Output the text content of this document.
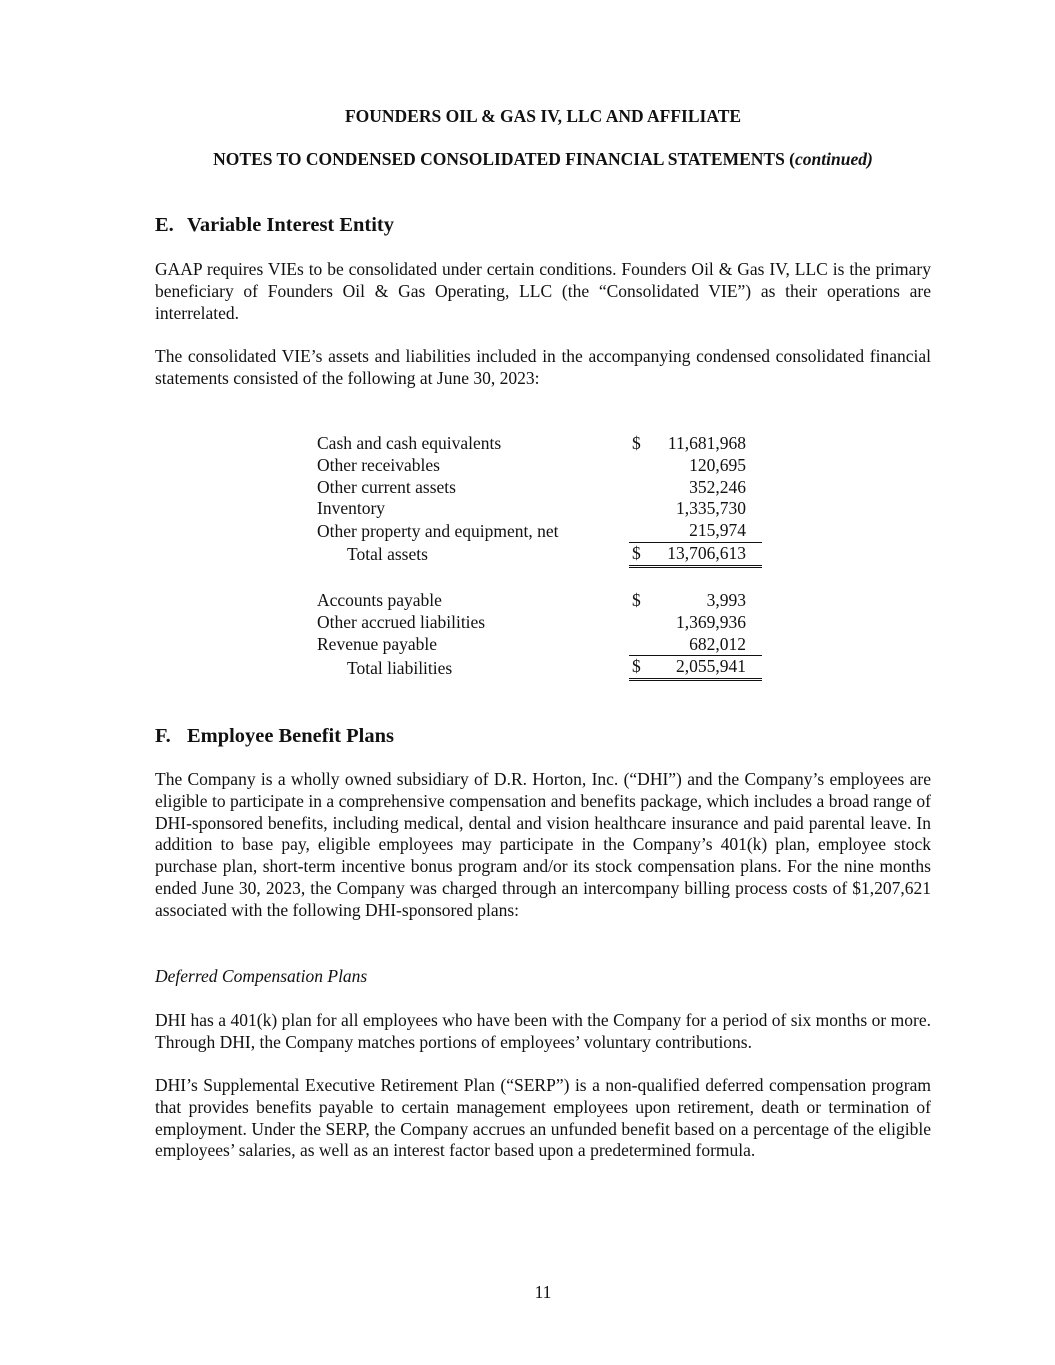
FOUNDERS OIL & GAS IV, LLC AND AFFILIATE
NOTES TO CONDENSED CONSOLIDATED FINANCIAL STATEMENTS (continued)
E. Variable Interest Entity

GAAP requires VIEs to be consolidated under certain conditions. Founders Oil & Gas IV, LLC is the primary beneficiary of Founders Oil & Gas Operating, LLC (the “Consolidated VIE”) as their operations are interrelated.

The consolidated VIE’s assets and liabilities included in the accompanying condensed consolidated financial statements consisted of the following at June 30, 2023:

Cash and cash equivalents	$	11,681,968
Other receivables		120,695
Other current assets		352,246
Inventory		1,335,730
Other property and equipment, net		215,974
Total assets	$	13,706,613
Accounts payable	$	3,993
Other accrued liabilities		1,369,936
Revenue payable		682,012
Total liabilities	$	2,055,941
F. Employee Benefit Plans

The Company is a wholly owned subsidiary of D.R. Horton, Inc. (“DHI”) and the Company’s employees are eligible to participate in a comprehensive compensation and benefits package, which includes a broad range of DHI-sponsored benefits, including medical, dental and vision healthcare insurance and paid parental leave. In addition to base pay, eligible employees may participate in the Company’s 401(k) plan, employee stock purchase plan, short-term incentive bonus program and/or its stock compensation plans. For the nine months ended June 30, 2023, the Company was charged through an intercompany billing process costs of $1,207,621 associated with the following DHI-sponsored plans:

Deferred Compensation Plans

DHI has a 401(k) plan for all employees who have been with the Company for a period of six months or more. Through DHI, the Company matches portions of employees’ voluntary contributions.

DHI’s Supplemental Executive Retirement Plan (“SERP”) is a non-qualified deferred compensation program that provides benefits payable to certain management employees upon retirement, death or termination of employment. Under the SERP, the Company accrues an unfunded benefit based on a percentage of the eligible employees’ salaries, as well as an interest factor based upon a predetermined formula.

11
